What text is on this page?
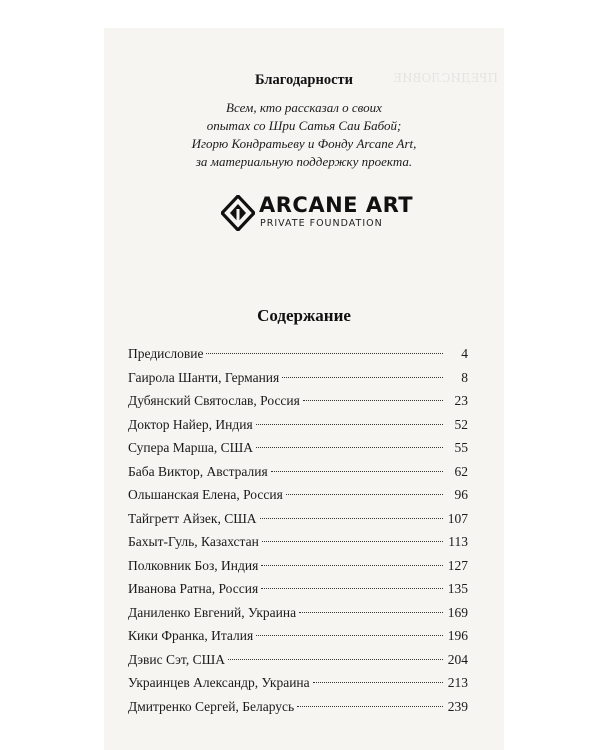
ПРЕДИСЛОВИЕ

Благодарности
Всем, кто рассказал о своих
опытах со Шри Сатья Саи Бабой;
Игорю Кондратьеву и Фонду Arcane Art,
за материальную поддержку проекта.
ARCANE ART
PRIVATE FOUNDATION
Содержание
Предисловие	4
Гаирола Шанти, Германия	8
Дубянский Святослав, Россия	23
Доктор Найер, Индия	52
Супера Марша, США	55
Баба Виктор, Австралия	62
Ольшанская Елена, Россия	96
Тайгретт Айзек, США	107
Бахыт-Гуль, Казахстан	113
Полковник Боз, Индия	127
Иванова Ратна, Россия	135
Даниленко Евгений, Украина	169
Кики Франка, Италия	196
Дэвис Сэт, США	204
Украинцев Александр, Украина	213
Дмитренко Сергей, Беларусь	239
